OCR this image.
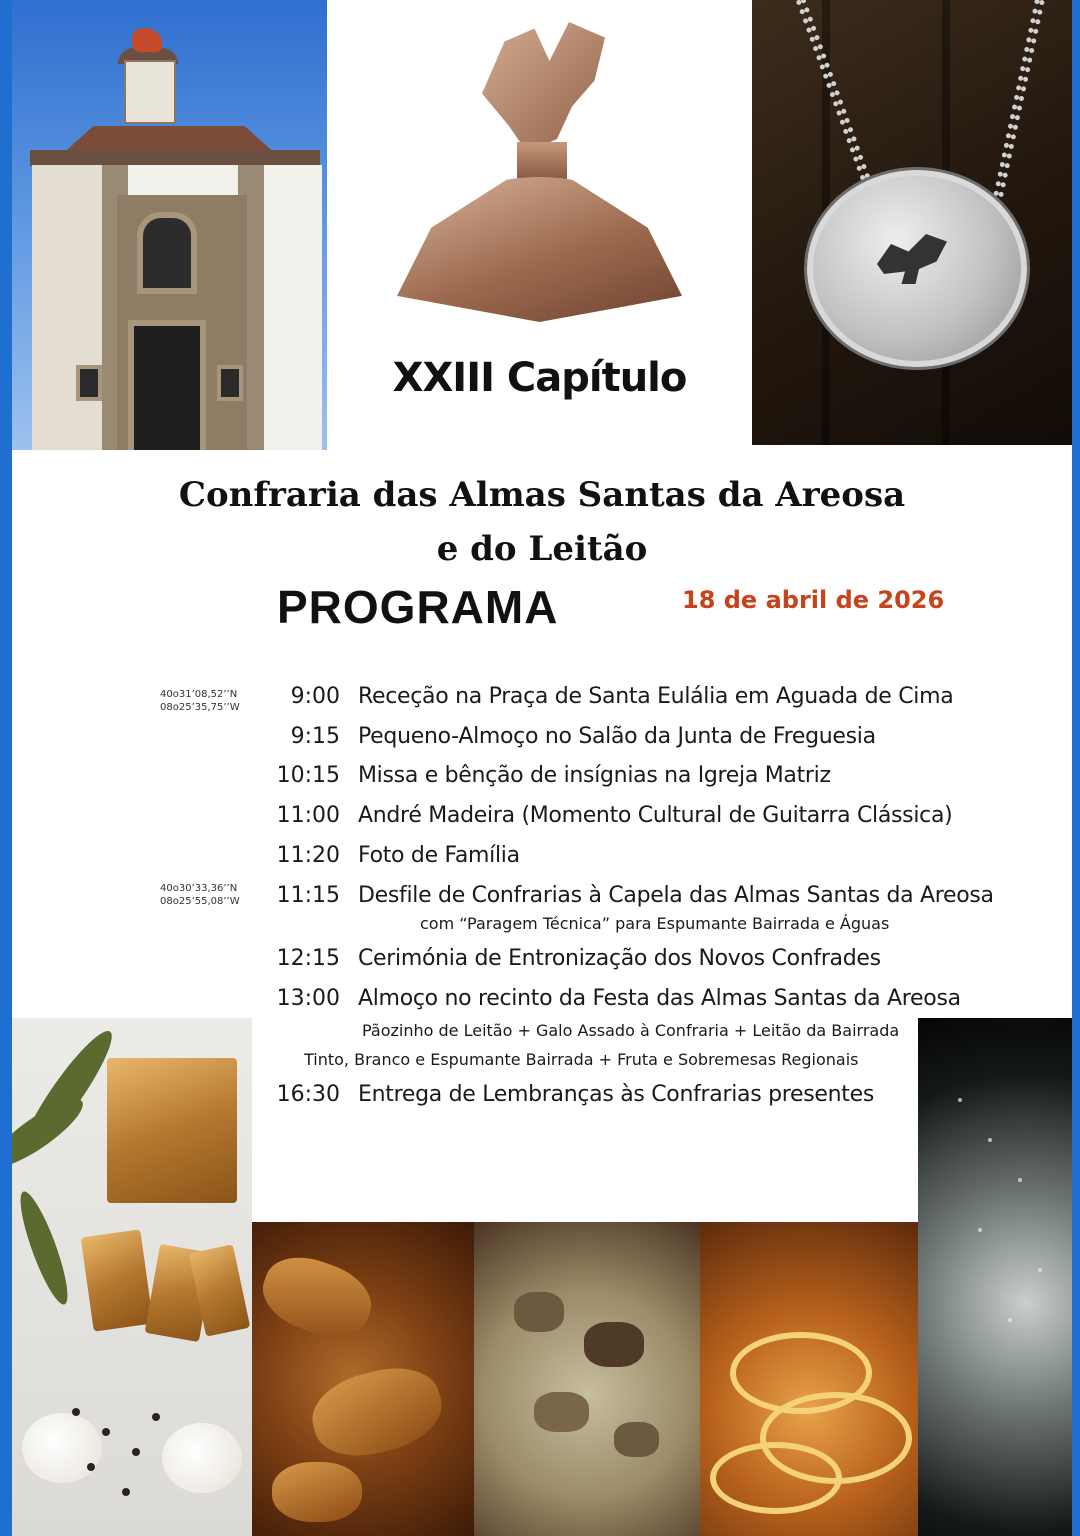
XXIII Capítulo
Confraria das Almas Santas da Areosa
e do Leitão
PROGRAMA	18 de abril de 2026
40o31’08,52’’N
08o25’35,75’’W
40o30’33,36’’N
08o25’55,08’’W
9:00 Receção na Praça de Santa Eulália em Aguada de Cima
9:15 Pequeno-Almoço no Salão da Junta de Freguesia
10:15 Missa e bênção de insígnias na Igreja Matriz
11:00 André Madeira (Momento Cultural de Guitarra Clássica)
11:20 Foto de Família
11:15 Desfile de Confrarias à Capela das Almas Santas da Areosa
com “Paragem Técnica” para Espumante Bairrada e Águas
12:15 Cerimónia de Entronização dos Novos Confrades
13:00 Almoço no recinto da Festa das Almas Santas da Areosa
Pãozinho de Leitão + Galo Assado à Confraria + Leitão da Bairrada
Tinto, Branco e Espumante Bairrada + Fruta e Sobremesas Regionais
16:30 Entrega de Lembranças às Confrarias presentes
